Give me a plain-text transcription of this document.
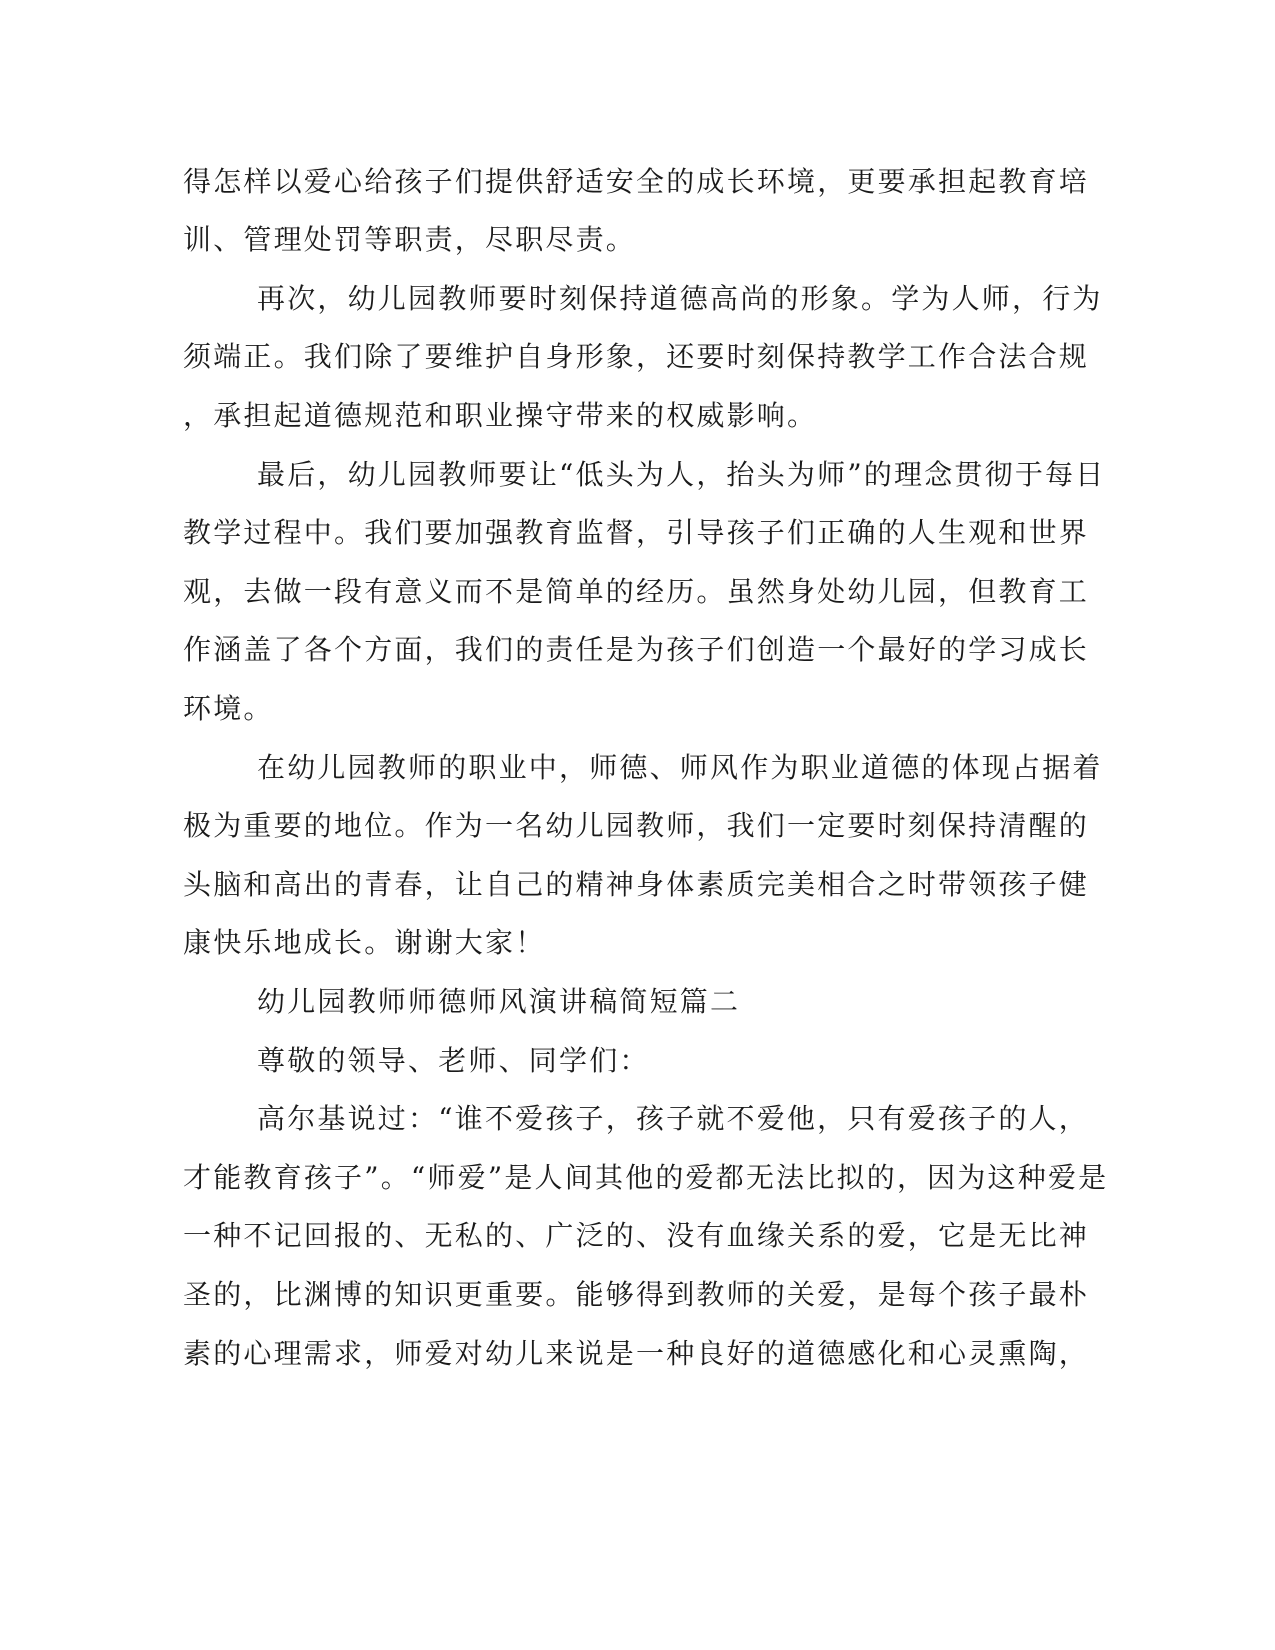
得怎样以爱心给孩子们提供舒适安全的成长环境，更要承担起教育培
训、管理处罚等职责，尽职尽责。
再次，幼儿园教师要时刻保持道德高尚的形象。学为人师，行为
须端正。我们除了要维护自身形象，还要时刻保持教学工作合法合规
，承担起道德规范和职业操守带来的权威影响。
最后，幼儿园教师要让“低头为人，抬头为师”的理念贯彻于每日
教学过程中。我们要加强教育监督，引导孩子们正确的人生观和世界
观，去做一段有意义而不是简单的经历。虽然身处幼儿园，但教育工
作涵盖了各个方面，我们的责任是为孩子们创造一个最好的学习成长
环境。
在幼儿园教师的职业中，师德、师风作为职业道德的体现占据着
极为重要的地位。作为一名幼儿园教师，我们一定要时刻保持清醒的
头脑和高出的青春，让自己的精神身体素质完美相合之时带领孩子健
康快乐地成长。谢谢大家！
幼儿园教师师德师风演讲稿简短篇二
尊敬的领导、老师、同学们：
高尔基说过：“谁不爱孩子，孩子就不爱他，只有爱孩子的人，
才能教育孩子”。“师爱”是人间其他的爱都无法比拟的，因为这种爱是
一种不记回报的、无私的、广泛的、没有血缘关系的爱，它是无比神
圣的，比渊博的知识更重要。能够得到教师的关爱，是每个孩子最朴
素的心理需求，师爱对幼儿来说是一种良好的道德感化和心灵熏陶，
